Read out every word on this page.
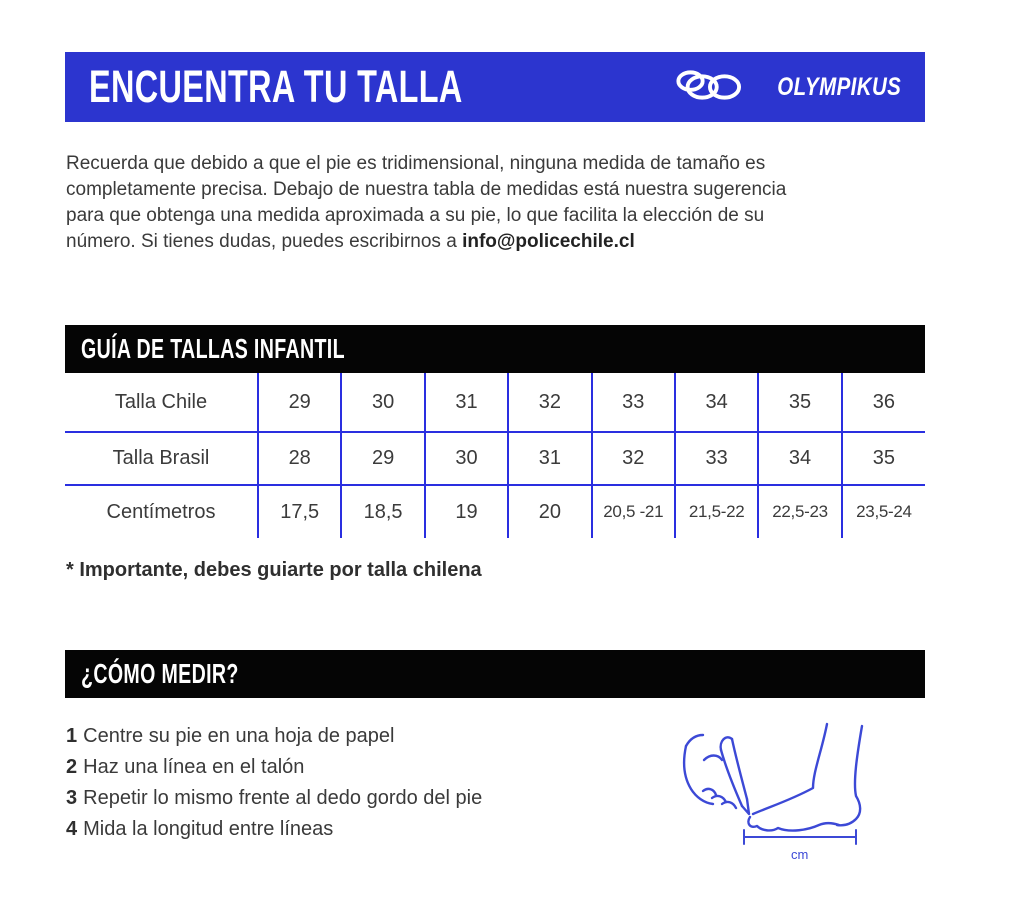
ENCUENTRA TU TALLA	OLYMPIKUS
Recuerda que debido a que el pie es tridimensional, ninguna medida de tamaño es
completamente precisa. Debajo de nuestra tabla de medidas está nuestra sugerencia
para que obtenga una medida aproximada a su pie, lo que facilita la elección de su
número. Si tienes dudas, puedes escribirnos a info@policechile.cl
GUÍA DE TALLAS INFANTIL
Talla Chile	29	30	31	32	33	34	35	36
Talla Brasil	28	29	30	31	32	33	34	35
Centímetros	17,5	18,5	19	20	20,5 -21	21,5-22	22,5-23	23,5-24
* Importante, debes guiarte por talla chilena
¿CÓMO MEDIR?
1 Centre su pie en una hoja de papel
2 Haz una línea en el talón
3 Repetir lo mismo frente al dedo gordo del pie
4 Mida la longitud entre líneas
cm
